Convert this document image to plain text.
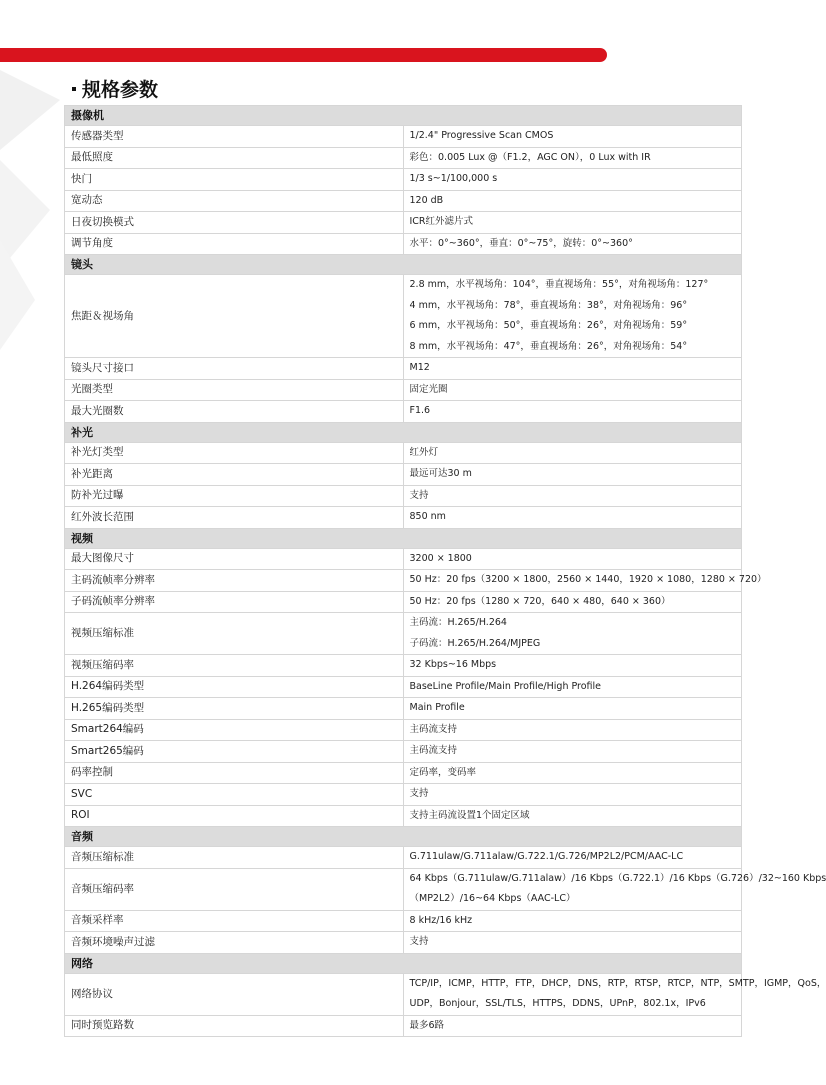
规格参数
摄像机	
传感器类型	1/2.4" Progressive Scan CMOS

最低照度	彩色：0.005 Lux @（F1.2，AGC ON），0 Lux with IR

快门	1/3 s~1/100,000 s

宽动态	120 dB

日夜切换模式	ICR红外滤片式

调节角度	水平：0°~360°，垂直：0°~75°，旋转：0°~360°

镜头	
焦距＆视场角	2.8 mm，水平视场角：104°，垂直视场角：55°，对角视场角：127°
4 mm，水平视场角：78°，垂直视场角：38°，对角视场角：96°
6 mm，水平视场角：50°，垂直视场角：26°，对角视场角：59°
8 mm，水平视场角：47°，垂直视场角：26°，对角视场角：54°

镜头尺寸接口	M12

光圈类型	固定光圈

最大光圈数	F1.6

补光	
补光灯类型	红外灯

补光距离	最远可达30 m

防补光过曝	支持

红外波长范围	850 nm

视频	
最大图像尺寸	3200 × 1800

主码流帧率分辨率	50 Hz：20 fps（3200 × 1800，2560 × 1440，1920 × 1080，1280 × 720）

子码流帧率分辨率	50 Hz：20 fps（1280 × 720，640 × 480，640 × 360）

视频压缩标准	主码流：H.265/H.264
子码流：H.265/H.264/MJPEG

视频压缩码率	32 Kbps~16 Mbps

H.264编码类型	BaseLine Profile/Main Profile/High Profile

H.265编码类型	Main Profile

Smart264编码	主码流支持

Smart265编码	主码流支持

码率控制	定码率，变码率

SVC	支持

ROI	支持主码流设置1个固定区域

音频	
音频压缩标准	G.711ulaw/G.711alaw/G.722.1/G.726/MP2L2/PCM/AAC-LC

音频压缩码率	64 Kbps（G.711ulaw/G.711alaw）/16 Kbps（G.722.1）/16 Kbps（G.726）/32~160 Kbps
（MP2L2）/16~64 Kbps（AAC-LC）

音频采样率	8 kHz/16 kHz

音频环境噪声过滤	支持

网络	
网络协议	TCP/IP，ICMP，HTTP，FTP，DHCP，DNS，RTP，RTSP，RTCP，NTP，SMTP，IGMP，QoS，
UDP，Bonjour，SSL/TLS，HTTPS，DDNS，UPnP，802.1x，IPv6

同时预览路数	最多6路
